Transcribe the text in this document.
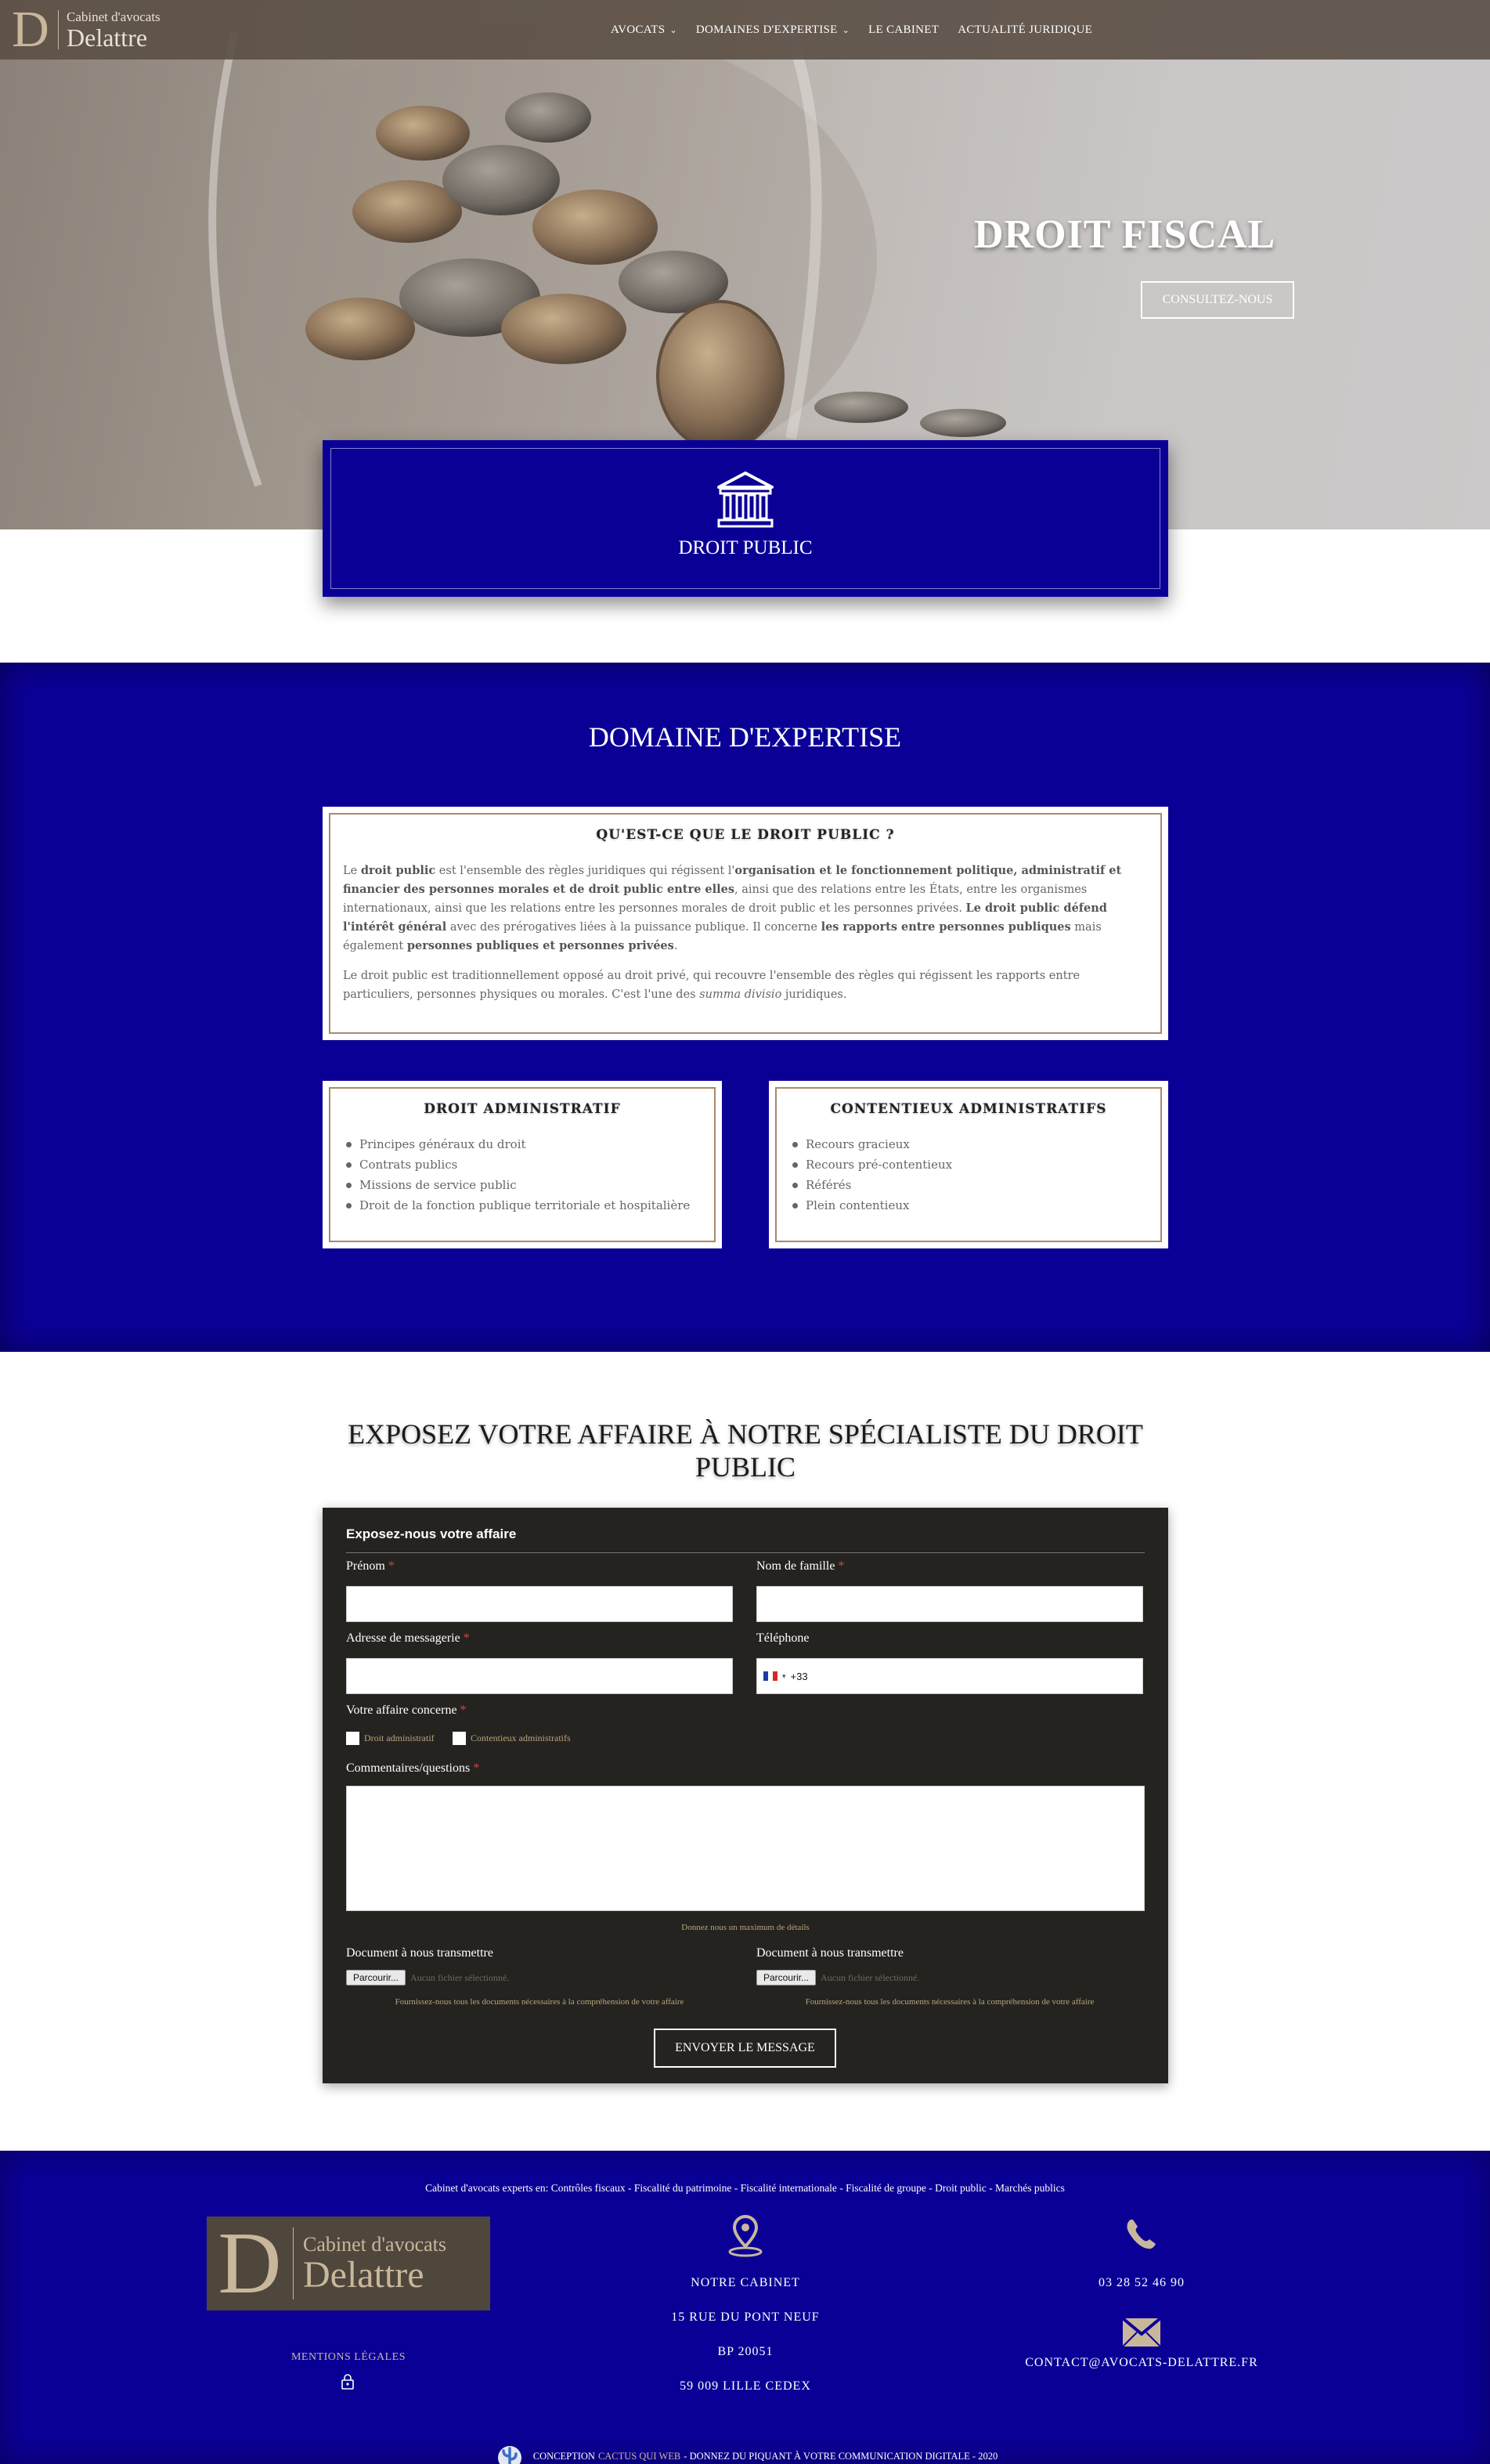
DROIT FISCAL
CONSULTEZ-NOUS
D	Cabinet d'avocats
Delattre	AVOCATS ⌄ DOMAINES D'EXPERTISE ⌄ LE CABINET ACTUALITÉ JURIDIQUE
DROIT PUBLIC
DOMAINE D'EXPERTISE
QU'EST-CE QUE LE DROIT PUBLIC ?

Le droit public est l'ensemble des règles juridiques qui régissent l'organisation et le fonctionnement politique, administratif et financier des personnes morales et de droit public entre elles, ainsi que des relations entre les États, entre les organismes internationaux, ainsi que les relations entre les personnes morales de droit public et les personnes privées. Le droit public défend l'intérêt général avec des prérogatives liées à la puissance publique. Il concerne les rapports entre personnes publiques mais également personnes publiques et personnes privées.

Le droit public est traditionnellement opposé au droit privé, qui recouvre l'ensemble des règles qui régissent les rapports entre particuliers, personnes physiques ou morales. C'est l'une des summa divisio juridiques.

DROIT ADMINISTRATIF
Principes généraux du droit
Contrats publics
Missions de service public
Droit de la fonction publique territoriale et hospitalière
CONTENTIEUX ADMINISTRATIFS
Recours gracieux
Recours pré-contentieux
Référés
Plein contentieux
EXPOSEZ VOTRE AFFAIRE À NOTRE SPÉCIALISTE DU DROIT PUBLIC
Exposez-nous votre affaire
Prénom *	Nom de famille *
Adresse de messagerie *	Téléphone
▾ +33
Votre affaire concerne *
Droit administratif	Contentieux administratifs
Commentaires/questions *
Donnez nous un maximum de détails
Document à nous transmettre
Parcourir...	Aucun fichier sélectionné.
Fournissez-nous tous les documents nécessaires à la compréhension de votre affaire
Document à nous transmettre
Parcourir...	Aucun fichier sélectionné.
Fournissez-nous tous les documents nécessaires à la compréhension de votre affaire
ENVOYER LE MESSAGE
Cabinet d'avocats experts en: Contrôles fiscaux - Fiscalité du patrimoine - Fiscalité internationale - Fiscalité de groupe - Droit public - Marchés publics
D	Cabinet d'avocats
Delattre
MENTIONS LÉGALES
NOTRE CABINET
15 RUE DU PONT NEUF
BP 20051
59 009 LILLE CEDEX
03 28 52 46 90
CONTACT@AVOCATS-DELATTRE.FR
CONCEPTION CACTUS QUI WEB - DONNEZ DU PIQUANT À VOTRE COMMUNICATION DIGITALE - 2020
